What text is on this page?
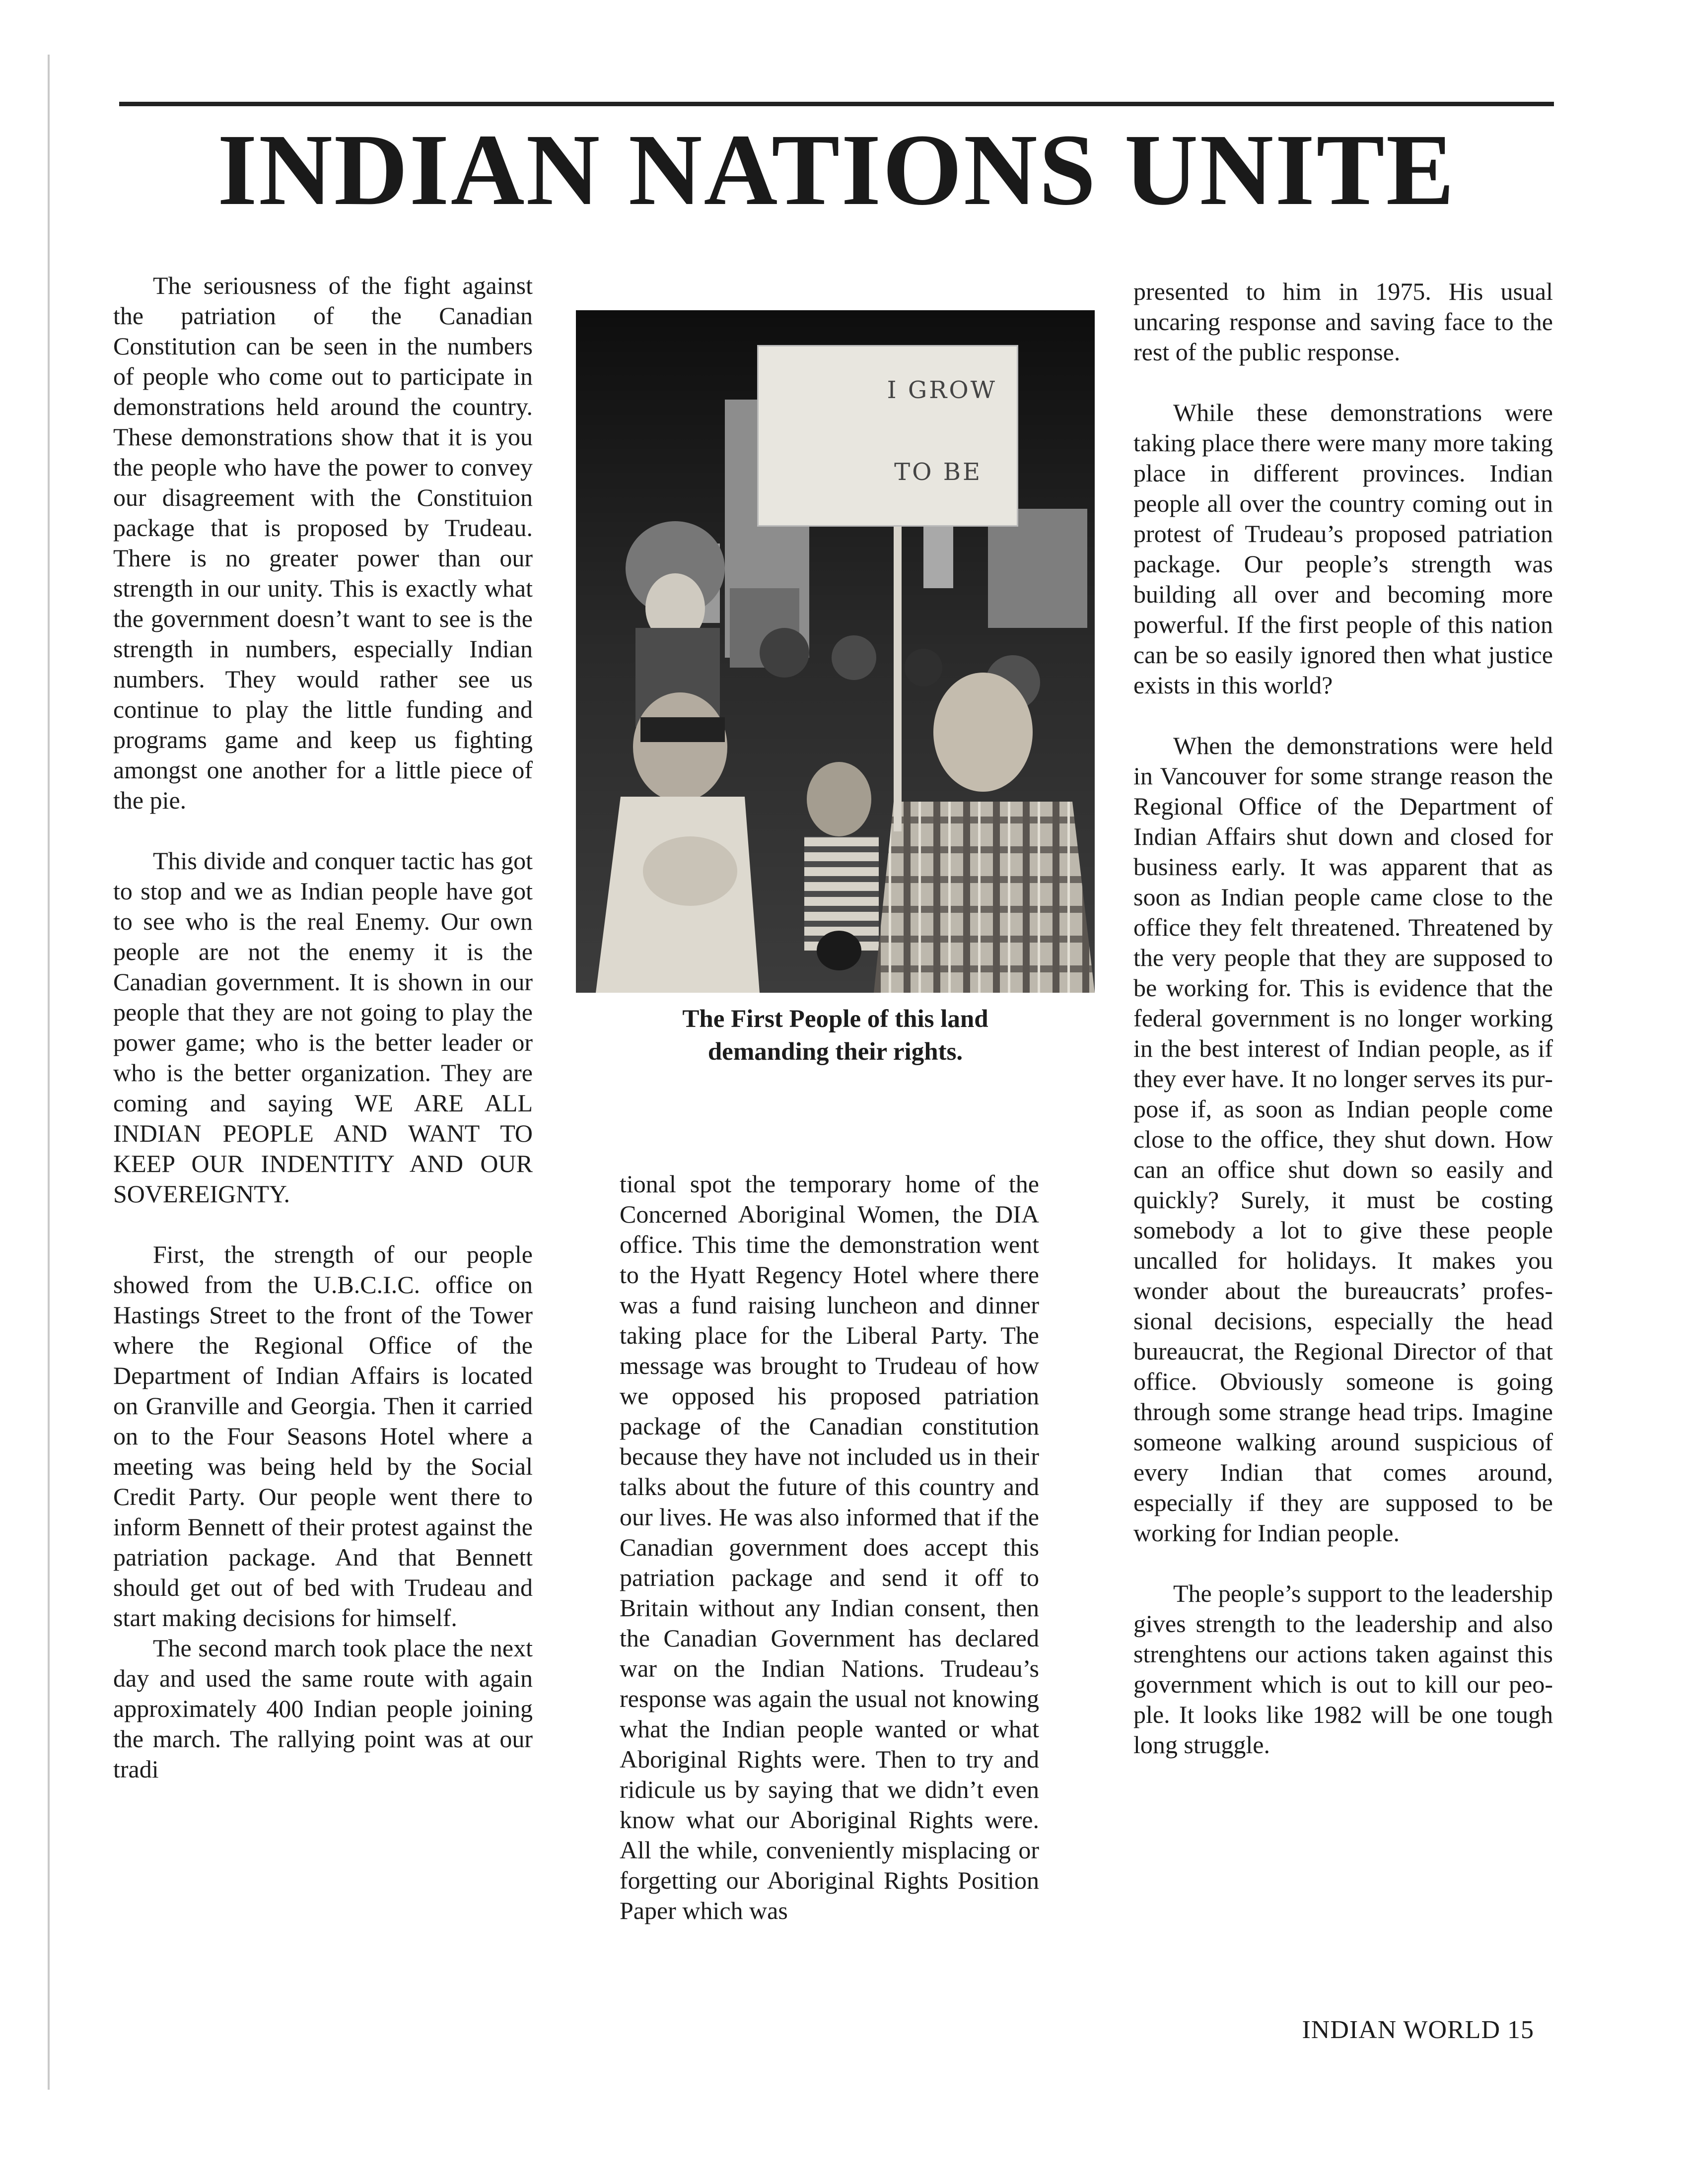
INDIAN NATIONS UNITE

The seriousness of the fight against the patriation of the Canadian Constitution can be seen in the numbers of people who come out to participate in demonstrations held around the country. These demonstrations show that it is you the people who have the power to convey our disagreement with the Constituion package that is proposed by Trudeau. There is no greater power than our strength in our unity. This is exactly what the government doesn’t want to see is the strength in numbers, especially Indian numbers. They would rather see us continue to play the little funding and programs game and keep us fighting amongst one another for a little piece of the pie.

This divide and conquer tactic has got to stop and we as Indian people have got to see who is the real Enemy. Our own people are not the enemy it is the Canadian government. It is shown in our people that they are not going to play the power game; who is the better leader or who is the better organization. They are coming and saying WE ARE ALL INDIAN PEOPLE AND WANT TO KEEP OUR INDENTITY AND OUR SOVEREIGNTY.

First, the strength of our people showed from the U.B.C.I.C. office on Hastings Street to the front of the Tower where the Regional Office of the Department of Indian Affairs is located on Granville and Georgia. Then it carried on to the Four Seasons Hotel where a meeting was being held by the Social Credit Party. Our people went there to inform Bennett of their protest against the patriation package. And that Bennett should get out of bed with Trudeau and start making decisions for himself.

The second march took place the next day and used the same route with again approximately 400 Indian people joining the march. The rallying point was at our tradi

I GROW
TO BE
The First People of this land
demanding their rights.

tional spot the temporary home of the Concerned Aboriginal Women, the DIA office. This time the demonstration went to the Hyatt Regency Hotel where there was a fund raising luncheon and dinner taking place for the Liberal Party. The message was brought to Trudeau of how we opposed his proposed patriation package of the Canadian constitution because they have not included us in their talks about the future of this country and our lives. He was also informed that if the Canadian government does accept this patriation package and send it off to Britain without any Indian consent, then the Canadian Government has declared war on the Indian Nations. Trudeau’s response was again the usual not knowing what the Indian people wanted or what Aboriginal Rights were. Then to try and ridicule us by saying that we didn’t even know what our Aboriginal Rights were. All the while, conveniently misplacing or forgetting our Aboriginal Rights Position Paper which was

presented to him in 1975. His usual uncaring response and saving face to the rest of the public response.

While these demonstrations were taking place there were many more taking place in different provinces. Indian people all over the country coming out in protest of Trudeau’s proposed patriation package. Our people’s strength was building all over and becoming more powerful. If the first people of this nation can be so easily ignored then what justice exists in this world?

When the demonstrations were held in Vancouver for some strange reason the Regional Office of the Department of Indian Affairs shut down and closed for business early. It was apparent that as soon as Indian people came close to the office they felt threatened. Threatened by the very people that they are supposed to be working for. This is evidence that the federal government is no longer working in the best interest of Indian people, as if they ever have. It no longer serves its purpose if, as soon as Indian people come close to the office, they shut down. How can an office shut down so easily and quickly? Surely, it must be costing somebody a lot to give these people uncalled for holidays. It makes you wonder about the bureaucrats’ professional decisions, especially the head bureaucrat, the Regional Director of that office. Obviously someone is going through some strange head trips. Imagine someone walking around suspicious of every Indian that comes around, especially if they are supposed to be working for Indian people.

The people’s support to the leadership gives strength to the leadership and also strenghtens our actions taken against this government which is out to kill our people. It looks like 1982 will be one tough long struggle.

INDIAN WORLD 15
